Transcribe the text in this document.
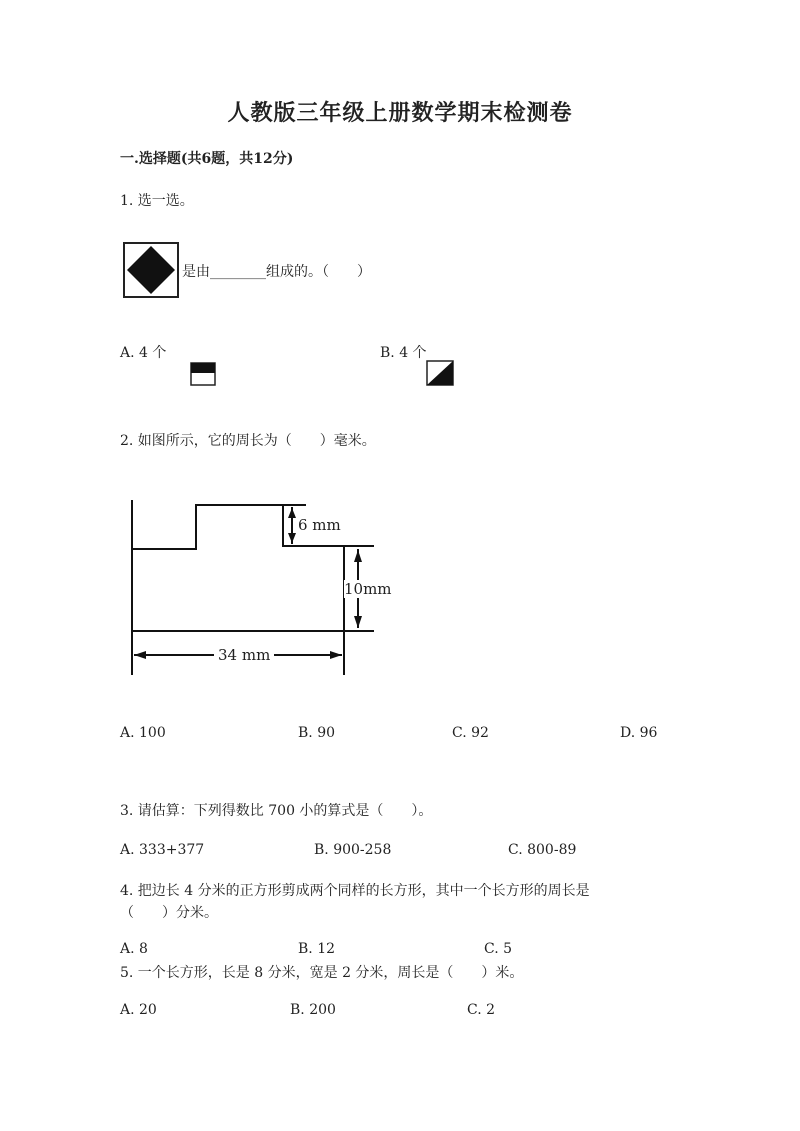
人教版三年级上册数学期末检测卷
一.选择题(共6题，共12分)
1. 选一选。
是由________组成的。（　　）
A. 4 个	B. 4 个
2. 如图所示，它的周长为（　　）毫米。
6 mm
10mm
34 mm
A. 100	B. 90	C. 92	D. 96
3. 请估算：下列得数比 700 小的算式是（　　）。
A. 333+377	B. 900-258	C. 800-89
4. 把边长 4 分米的正方形剪成两个同样的长方形，其中一个长方形的周长是
（　　）分米。
A. 8	B. 12	C. 5
5. 一个长方形，长是 8 分米，宽是 2 分米，周长是（　　）米。
A. 20	B. 200	C. 2
